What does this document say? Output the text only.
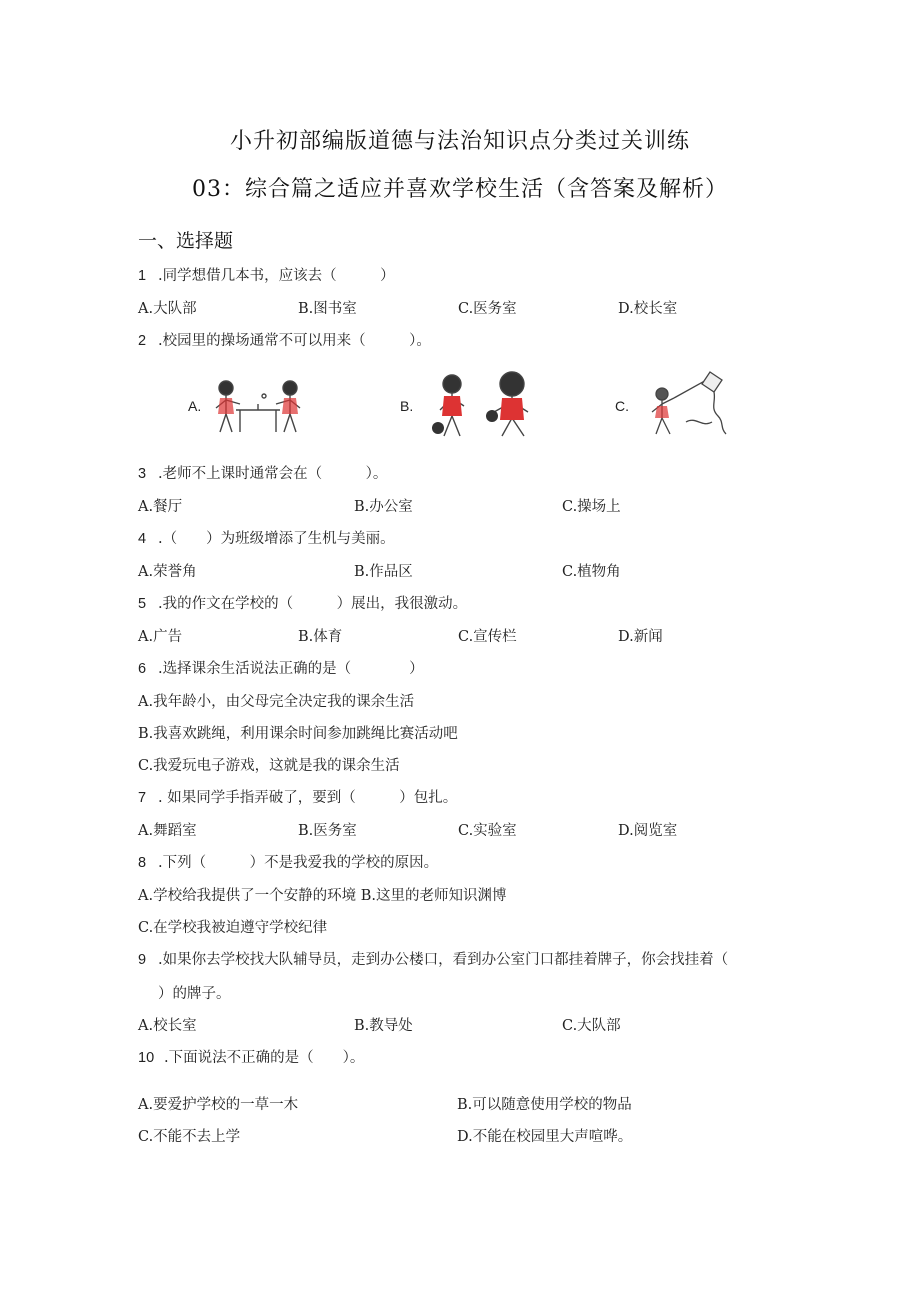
小升初部编版道德与法治知识点分类过关训练
03：综合篇之适应并喜欢学校生活（含答案及解析）
一、选择题
1 .同学想借几本书，应该去（　　　）
A.大队部	B.图书室	C.医务室	D.校长室
2 .校园里的操场通常不可以用来（　　　）。
A.	B.	C.
3 .老师不上课时通常会在（　　　）。
A.餐厅	B.办公室	C.操场上
4 .（　　）为班级增添了生机与美丽。
A.荣誉角	B.作品区	C.植物角
5 .我的作文在学校的（　　　）展出，我很激动。
A.广告	B.体育	C.宣传栏	D.新闻
6 .选择课余生活说法正确的是（　　　　）
A.我年龄小，由父母完全决定我的课余生活
B.我喜欢跳绳，利用课余时间参加跳绳比赛活动吧
C.我爱玩电子游戏，这就是我的课余生活
7 . 如果同学手指弄破了，要到（　　　）包扎。
A.舞蹈室	B.医务室	C.实验室	D.阅览室
8 .下列（　　　）不是我爱我的学校的原因。
A.学校给我提供了一个安静的环境 B.这里的老师知识渊博
C.在学校我被迫遵守学校纪律
9 .如果你去学校找大队辅导员，走到办公楼口，看到办公室门口都挂着牌子，你会找挂着（
）的牌子。
A.校长室	B.教导处	C.大队部
10 .下面说法不正确的是（　　）。
A.要爱护学校的一草一木	B.可以随意使用学校的物品
C.不能不去上学	D.不能在校园里大声喧哗。
